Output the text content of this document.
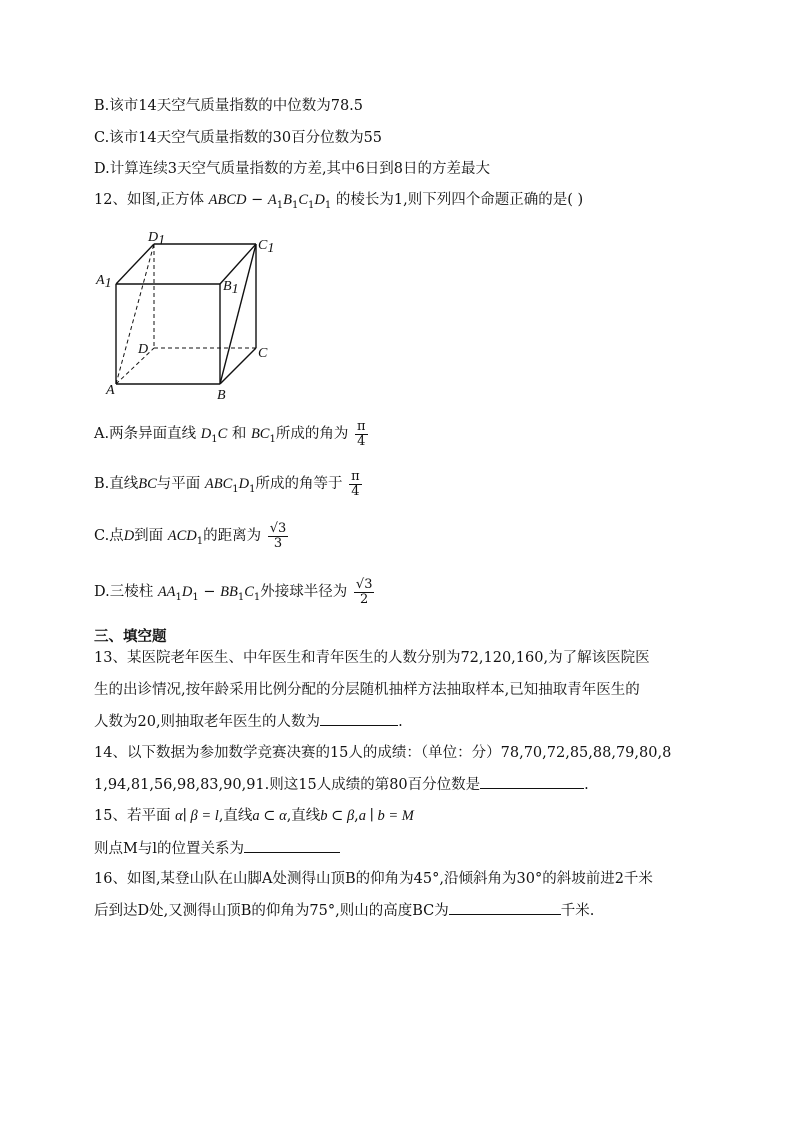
B.该市14天空气质量指数的中位数为78.5
C.该市14天空气质量指数的30百分位数为55
D.计算连续3天空气质量指数的方差,其中6日到8日的方差最大
12、如图,正方体 ABCD − $A_1B_1C_1D_1$ 的棱长为1,则下列四个命题正确的是( )
D1	C1
A1	B1
D	C
A	B
A.两条异面直线 $D_1C$ 和 $BC_1$所成的角为 $\frac{\pi}{4}$
B.直线BC与平面 $ABC_1D_1$所成的角等于 $\frac{\pi}{4}$
C.点D到面 $ACD_1$的距离为 $\frac{√3}{3}$
D.三棱柱 $AA_1D_1 - BB_1C_1$外接球半径为 $\frac{√3}{2}$
三、填空题
13、某医院老年医生、中年医生和青年医生的人数分别为72,120,160,为了解该医院医
生的出诊情况,按年龄采用比例分配的分层随机抽样方法抽取样本,已知抽取青年医生的
人数为20,则抽取老年医生的人数为	.
14、以下数据为参加数学竞赛决赛的15人的成绩：（单位：分）78,70,72,85,88,79,80,8
1,94,81,56,98,83,90,91.则这15人成绩的第80百分位数是	.
15、若平面 α∣ β = l,直线a ⊂ α,直线b ⊂ β,a ∣ b = M
则点M与l的位置关系为
16、如图,某登山队在山脚A处测得山顶B的仰角为45°,沿倾斜角为30°的斜坡前进2千米
后到达D处,又测得山顶B的仰角为75°,则山的高度BC为	千米.
